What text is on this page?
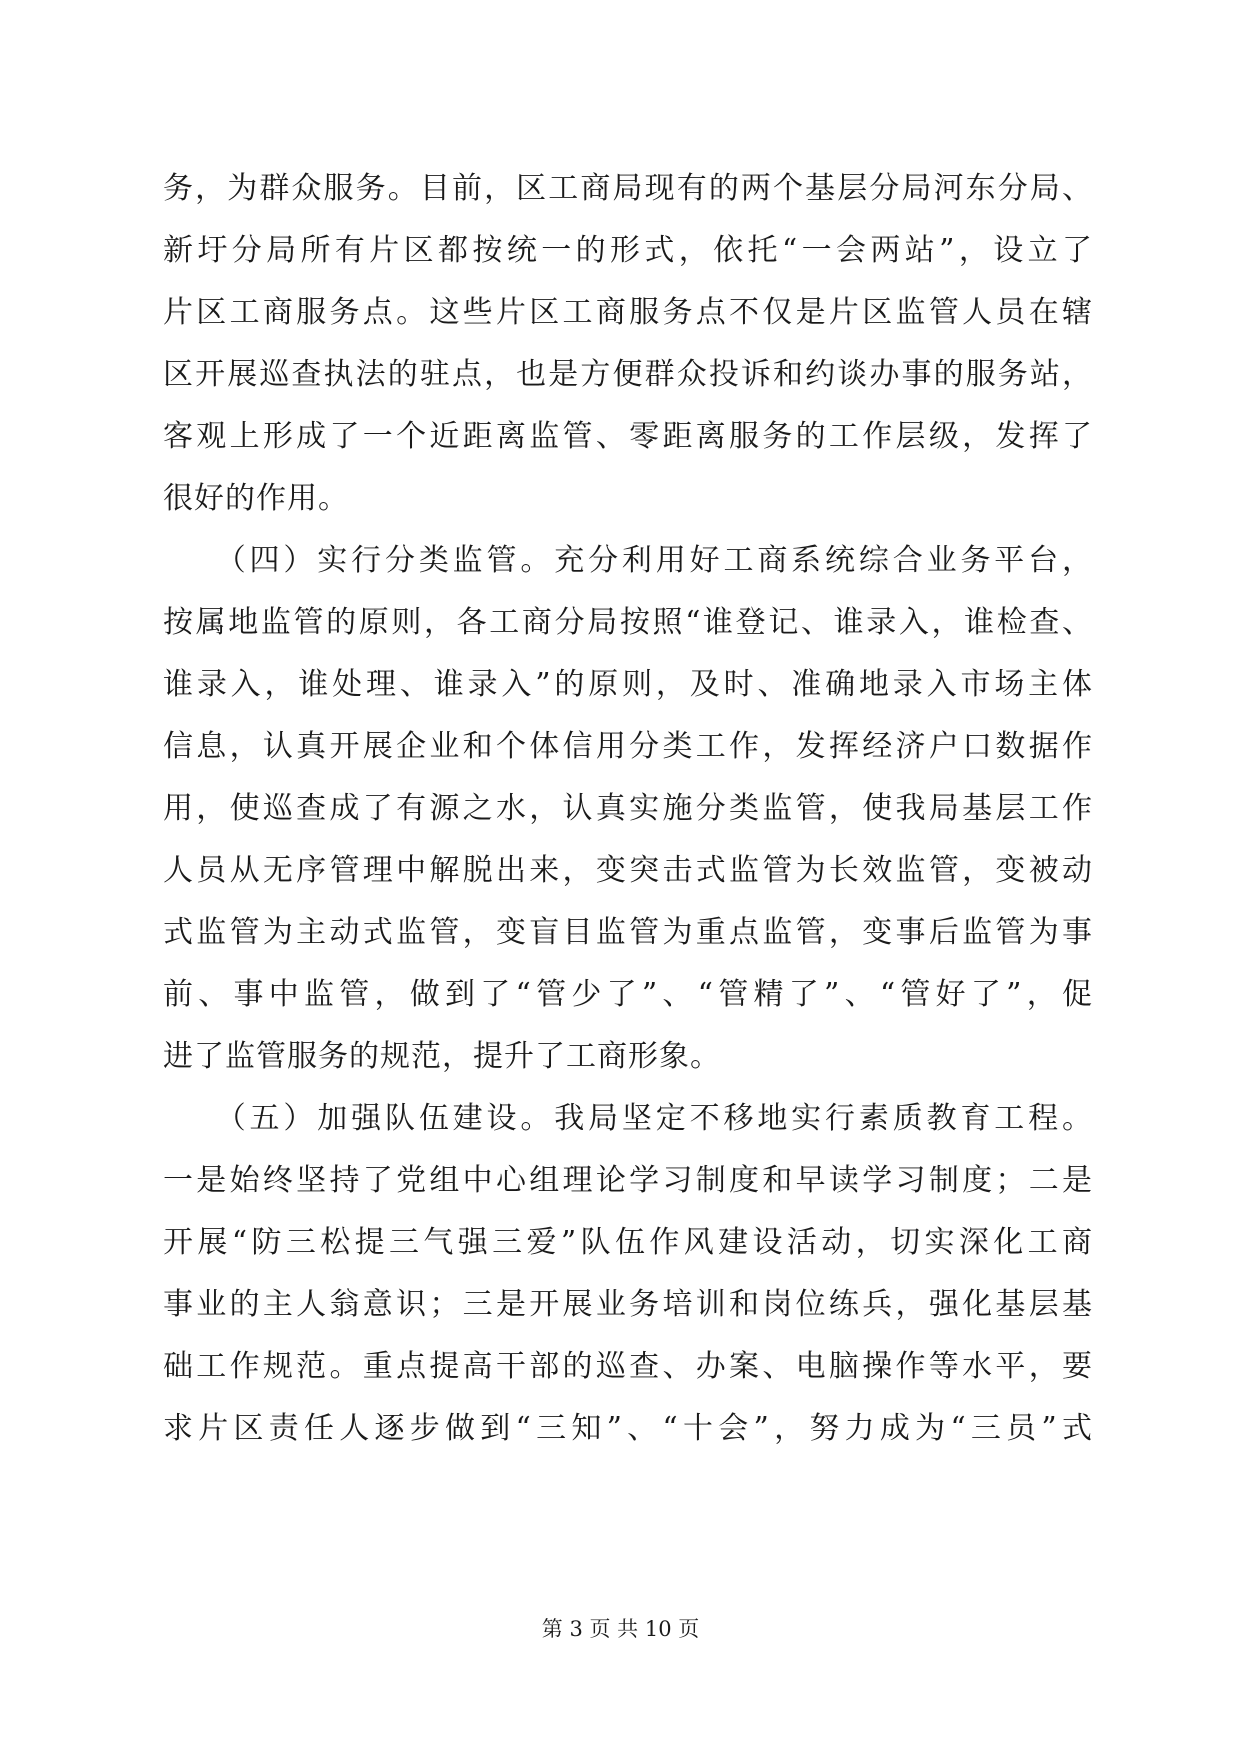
务，为群众服务。目前，区工商局现有的两个基层分局河东分局、
新圩分局所有片区都按统一的形式，依托“一会两站”，设立了
片区工商服务点。这些片区工商服务点不仅是片区监管人员在辖
区开展巡查执法的驻点，也是方便群众投诉和约谈办事的服务站，
客观上形成了一个近距离监管、零距离服务的工作层级，发挥了
很好的作用。
　　（四）实行分类监管。充分利用好工商系统综合业务平台，
按属地监管的原则，各工商分局按照“谁登记、谁录入，谁检查、
谁录入，谁处理、谁录入”的原则，及时、准确地录入市场主体
信息，认真开展企业和个体信用分类工作，发挥经济户口数据作
用，使巡查成了有源之水，认真实施分类监管，使我局基层工作
人员从无序管理中解脱出来，变突击式监管为长效监管，变被动
式监管为主动式监管，变盲目监管为重点监管，变事后监管为事
前、事中监管，做到了“管少了”、“管精了”、“管好了”，促
进了监管服务的规范，提升了工商形象。
　　（五）加强队伍建设。我局坚定不移地实行素质教育工程。
一是始终坚持了党组中心组理论学习制度和早读学习制度；二是
开展“防三松提三气强三爱”队伍作风建设活动，切实深化工商
事业的主人翁意识；三是开展业务培训和岗位练兵，强化基层基
础工作规范。重点提高干部的巡查、办案、电脑操作等水平，要
求片区责任人逐步做到“三知”、“十会”，努力成为“三员”式
第 3 页 共 10 页
